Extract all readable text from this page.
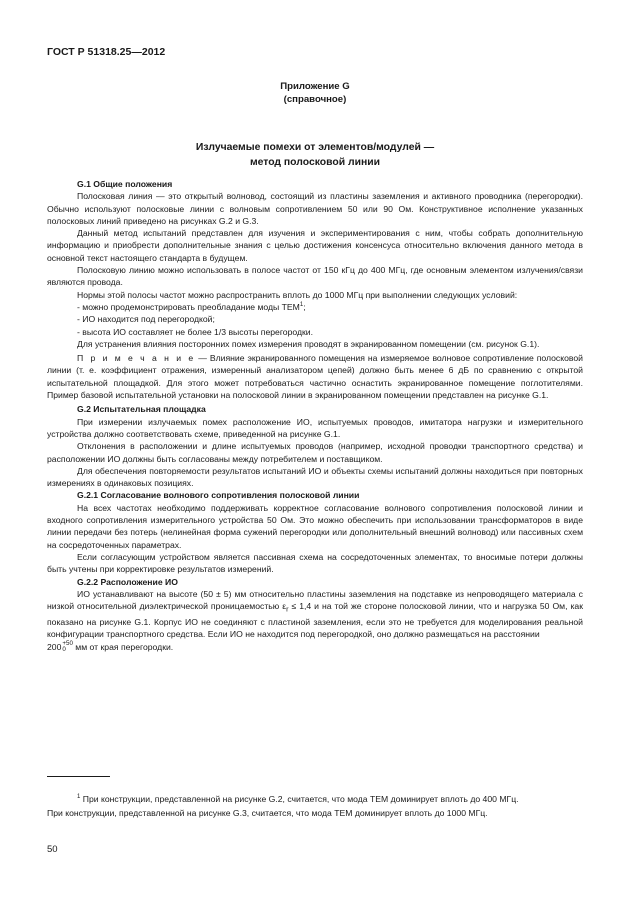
ГОСТ Р 51318.25—2012
Приложение G
(справочное)
Излучаемые помехи от элементов/модулей —
метод полосковой линии

G.1 Общие положения

Полосковая линия — это открытый волновод, состоящий из пластины заземления и активного проводника (перегородки). Обычно используют полосковые линии с волновым сопротивлением 50 или 90 Ом. Конструктивное исполнение указанных полосковых линий приведено на рисунках G.2 и G.3.

Данный метод испытаний представлен для изучения и экспериментирования с ним, чтобы собрать дополнительную информацию и приобрести дополнительные знания с целью достижения консенсуса относительно включения данного метода в основной текст настоящего стандарта в будущем.

Полосковую линию можно использовать в полосе частот от 150 кГц до 400 МГц, где основным элементом излучения/связи являются провода.

Нормы этой полосы частот можно распространить вплоть до 1000 МГц при выполнении следующих условий:

- можно продемонстрировать преобладание моды ТЕМ$^1$;

- ИО находится под перегородкой;

- высота ИО составляет не более 1/3 высоты перегородки.

Для устранения влияния посторонних помех измерения проводят в экранированном помещении (см. рисунок G.1).

П р и м е ч а н и е — Влияние экранированного помещения на измеряемое волновое сопротивление полосковой линии (т. е. коэффициент отражения, измеренный анализатором цепей) должно быть менее 6 дБ по сравнению с открытой испытательной площадкой. Для этого может потребоваться частично оснастить экранированное помещение поглотителями. Пример базовой испытательной установки на полосковой линии в экранированном помещении представлен на рисунке G.1.

G.2 Испытательная площадка

При измерении излучаемых помех расположение ИО, испытуемых проводов, имитатора нагрузки и измерительного устройства должно соответствовать схеме, приведенной на рисунке G.1.

Отклонения в расположении и длине испытуемых проводов (например, исходной проводки транспортного средства) и расположении ИО должны быть согласованы между потребителем и поставщиком.

Для обеспечения повторяемости результатов испытаний ИО и объекты схемы испытаний должны находиться при повторных измерениях в одинаковых позициях.

G.2.1 Согласование волнового сопротивления полосковой линии

На всех частотах необходимо поддерживать корректное согласование волнового сопротивления полосковой линии и входного сопротивления измерительного устройства 50 Ом. Это можно обеспечить при использовании трансформаторов в виде линии передачи без потерь (нелинейная форма сужений перегородки или дополнительный внешний волновод) или пассивных схем на сосредоточенных параметрах.

Если согласующим устройством является пассивная схема на сосредоточенных элементах, то вносимые потери должны быть учтены при корректировке результатов измерений.

G.2.2 Расположение ИО

ИО устанавливают на высоте (50 ± 5) мм относительно пластины заземления на подставке из непроводящего материала с низкой относительной диэлектрической проницаемостью $\varepsilon_r \le 1,4$ и на той же стороне полосковой линии, что и нагрузка 50 Ом, как показано на рисунке G.1. Корпус ИО не соединяют с пластиной заземления, если это не требуется для моделирования реальной конфигурации транспортного средства. Если ИО не находится под перегородкой, оно должно размещаться на расстоянии

200 +50
0	мм от края перегородки.

$^1$ При конструкции, представленной на рисунке G.2, считается, что мода ТЕМ доминирует вплоть до 400 МГц.

При конструкции, представленной на рисунке G.3, считается, что мода ТЕМ доминирует вплоть до 1000 МГц.

50
